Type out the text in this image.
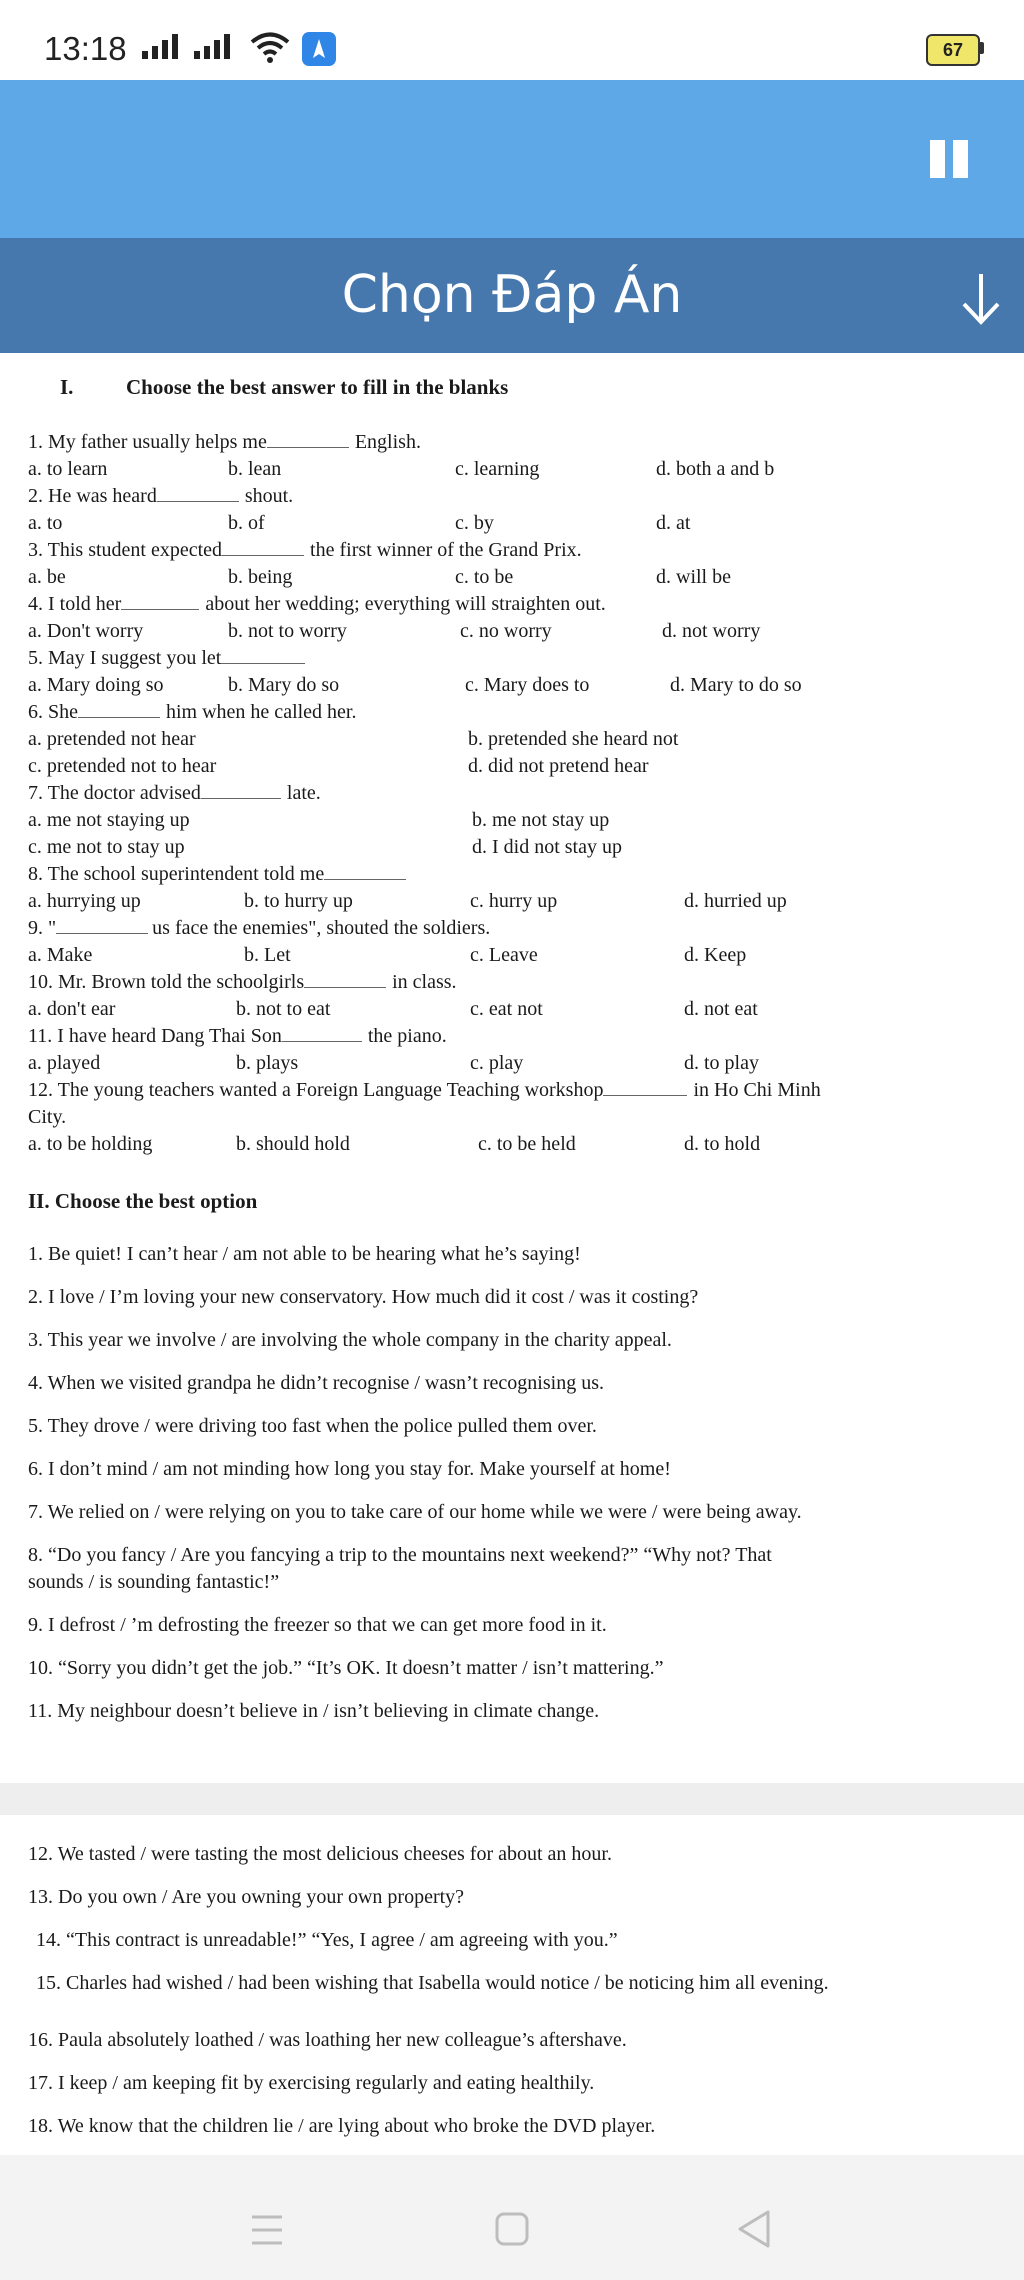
13:18	67
Chọn Đáp Án
I.	Choose the best answer to fill in the blanks
1. My father usually helps me	English.
a. to learn	b. lean	c. learning	d. both a and b
2. He was heard	shout.
a. to	b. of	c. by	d. at
3. This student expected	the first winner of the Grand Prix.
a. be	b. being	c. to be	d. will be
4. I told her	about her wedding; everything will straighten out.
a. Don't worry	b. not to worry	c. no worry	d. not worry
5. May I suggest you let
a. Mary doing so	b. Mary do so	c. Mary does to	d. Mary to do so
6. She	him when he called her.
a. pretended not hear	b. pretended she heard not
c. pretended not to hear	d. did not pretend hear
7. The doctor advised	late.
a. me not staying up	b. me not stay up
c. me not to stay up	d. I did not stay up
8. The school superintendent told me
a. hurrying up	b. to hurry up	c. hurry up	d. hurried up
9. "	us face the enemies", shouted the soldiers.
a. Make	b. Let	c. Leave	d. Keep
10. Mr. Brown told the schoolgirls	in class.
a. don't ear	b. not to eat	c. eat not	d. not eat
11. I have heard Dang Thai Son	the piano.
a. played	b. plays	c. play	d. to play
12. The young teachers wanted a Foreign Language Teaching workshop	in Ho Chi Minh
City.
a. to be holding	b. should hold	c. to be held	d. to hold
II. Choose the best option
1. Be quiet! I can’t hear / am not able to be hearing what he’s saying!
2. I love / I’m loving your new conservatory. How much did it cost / was it costing?
3. This year we involve / are involving the whole company in the charity appeal.
4. When we visited grandpa he didn’t recognise / wasn’t recognising us.
5. They drove / were driving too fast when the police pulled them over.
6. I don’t mind / am not minding how long you stay for. Make yourself at home!
7. We relied on / were relying on you to take care of our home while we were / were being away.
8. “Do you fancy / Are you fancying a trip to the mountains next weekend?” “Why not? That
sounds / is sounding fantastic!”
9. I defrost / ’m defrosting the freezer so that we can get more food in it.
10. “Sorry you didn’t get the job.” “It’s OK. It doesn’t matter / isn’t mattering.”
11. My neighbour doesn’t believe in / isn’t believing in climate change.
12. We tasted / were tasting the most delicious cheeses for about an hour.
13. Do you own / Are you owning your own property?
14. “This contract is unreadable!” “Yes, I agree / am agreeing with you.”
15. Charles had wished / had been wishing that Isabella would notice / be noticing him all evening.
16. Paula absolutely loathed / was loathing her new colleague’s aftershave.
17. I keep / am keeping fit by exercising regularly and eating healthily.
18. We know that the children lie / are lying about who broke the DVD player.
